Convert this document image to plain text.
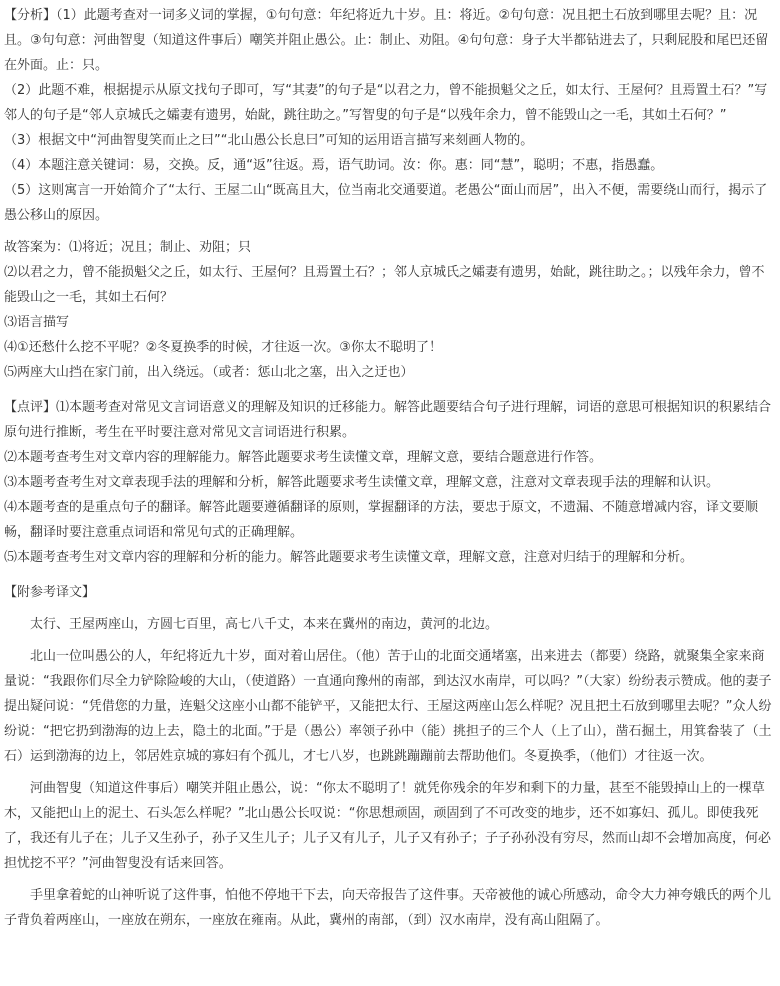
【分析】（1）此题考查对一词多义词的掌握，①句句意：年纪将近九十岁。且：将近。②句句意：况且把土石放到哪里去呢？且：况且。③句句意：河曲智叟（知道这件事后）嘲笑并阻止愚公。止：制止、劝阻。④句句意：身子大半都钻进去了，只剩屁股和尾巴还留在外面。止：只。

（2）此题不难，根据提示从原文找句子即可，写“其妻”的句子是“以君之力，曾不能损魁父之丘，如太行、王屋何？且焉置土石？”写邻人的句子是“邻人京城氏之孀妻有遗男，始龀，跳往助之。”写智叟的句子是“以残年余力，曾不能毁山之一毛，其如土石何？”

（3）根据文中“河曲智叟笑而止之曰”“北山愚公长息曰”可知的运用语言描写来刻画人物的。

（4）本题注意关键词：易，交换。反，通“返”往返。焉，语气助词。汝：你。惠：同“慧”，聪明；不惠，指愚蠢。

（5）这则寓言一开始简介了“太行、王屋二山“既高且大，位当南北交通要道。老愚公“面山而居”，出入不便，需要绕山而行，揭示了愚公移山的原因。

故答案为：⑴将近；况且；制止、劝阻；只

⑵以君之力，曾不能损魁父之丘，如太行、王屋何？且焉置土石？；邻人京城氏之孀妻有遗男，始龀，跳往助之。；以残年余力，曾不能毁山之一毛，其如土石何？

⑶语言描写

⑷①还愁什么挖不平呢？②冬夏换季的时候，才往返一次。③你太不聪明了！

⑸两座大山挡在家门前，出入绕远。（或者：惩山北之塞，出入之迂也）

【点评】⑴本题考查对常见文言词语意义的理解及知识的迁移能力。解答此题要结合句子进行理解，词语的意思可根据知识的积累结合原句进行推断，考生在平时要注意对常见文言词语进行积累。

⑵本题考查考生对文章内容的理解能力。解答此题要求考生读懂文章，理解文意，要结合题意进行作答。

⑶本题考查考生对文章表现手法的理解和分析，解答此题要求考生读懂文章，理解文意，注意对文章表现手法的理解和认识。

⑷本题考查的是重点句子的翻译。解答此题要遵循翻译的原则，掌握翻译的方法，要忠于原文，不遗漏、不随意增减内容，译文要顺畅，翻译时要注意重点词语和常见句式的正确理解。

⑸本题考查考生对文章内容的理解和分析的能力。解答此题要求考生读懂文章，理解文意，注意对归结于的理解和分析。

【附参考译文】

太行、王屋两座山，方圆七百里，高七八千丈，本来在冀州的南边，黄河的北边。

北山一位叫愚公的人，年纪将近九十岁，面对着山居住。（他）苦于山的北面交通堵塞，出来进去（都要）绕路，就聚集全家来商量说：“我跟你们尽全力铲除险峻的大山，（使道路）一直通向豫州的南部，到达汉水南岸，可以吗？”（大家）纷纷表示赞成。他的妻子提出疑问说：“凭借您的力量，连魁父这座小山都不能铲平，又能把太行、王屋这两座山怎么样呢？况且把土石放到哪里去呢？”众人纷纷说：“把它扔到渤海的边上去，隐土的北面。”于是（愚公）率领子孙中（能）挑担子的三个人（上了山），凿石掘土，用箕畚装了（土石）运到渤海的边上，邻居姓京城的寡妇有个孤儿，才七八岁，也跳跳蹦蹦前去帮助他们。冬夏换季，（他们）才往返一次。

河曲智叟（知道这件事后）嘲笑并阻止愚公，说：“你太不聪明了！就凭你残余的年岁和剩下的力量，甚至不能毁掉山上的一棵草木，又能把山上的泥土、石头怎么样呢？”北山愚公长叹说：“你思想顽固，顽固到了不可改变的地步，还不如寡妇、孤儿。即使我死了，我还有儿子在；儿子又生孙子，孙子又生儿子；儿子又有儿子，儿子又有孙子；子子孙孙没有穷尽，然而山却不会增加高度，何必担忧挖不平？”河曲智叟没有话来回答。

手里拿着蛇的山神听说了这件事，怕他不停地干下去，向天帝报告了这件事。天帝被他的诚心所感动，命令大力神夸娥氏的两个儿子背负着两座山，一座放在朔东，一座放在雍南。从此，冀州的南部，（到）汉水南岸，没有高山阻隔了。
